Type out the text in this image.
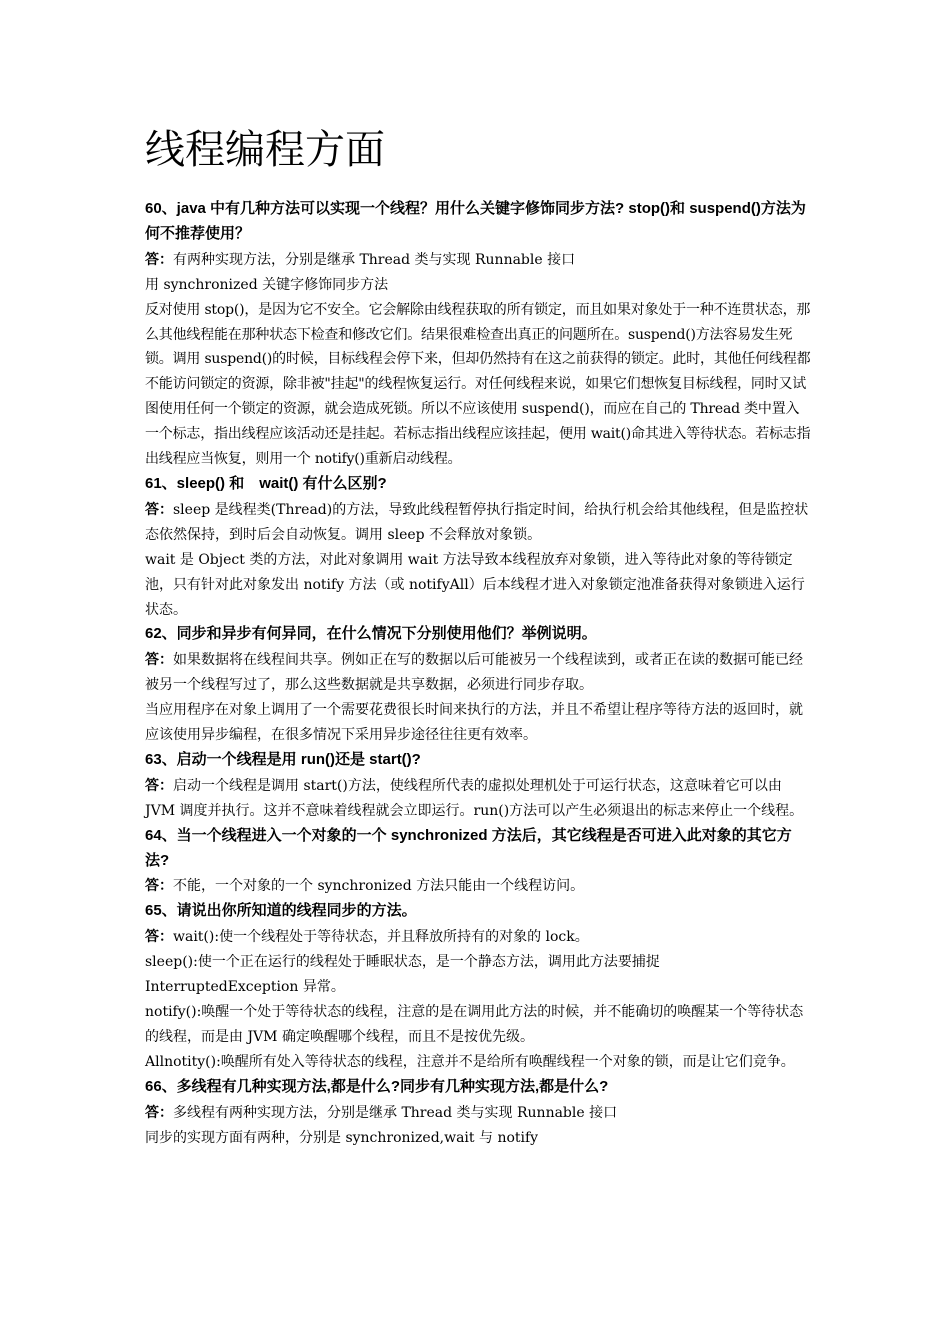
线程编程方面
60、java 中有几种方法可以实现一个线程？用什么关键字修饰同步方法? stop()和 suspend()方法为何不推荐使用？
答：有两种实现方法，分别是继承 Thread 类与实现 Runnable 接口
用 synchronized 关键字修饰同步方法
反对使用 stop()，是因为它不安全。它会解除由线程获取的所有锁定，而且如果对象处于一种不连贯状态，那么其他线程能在那种状态下检查和修改它们。结果很难检查出真正的问题所在。suspend()方法容易发生死锁。调用 suspend()的时候，目标线程会停下来，但却仍然持有在这之前获得的锁定。此时，其他任何线程都不能访问锁定的资源，除非被"挂起"的线程恢复运行。对任何线程来说，如果它们想恢复目标线程，同时又试图使用任何一个锁定的资源，就会造成死锁。所以不应该使用 suspend()，而应在自己的 Thread 类中置入一个标志，指出线程应该活动还是挂起。若标志指出线程应该挂起，便用 wait()命其进入等待状态。若标志指出线程应当恢复，则用一个 notify()重新启动线程。
61、sleep() 和　wait() 有什么区别?
答：sleep 是线程类(Thread)的方法，导致此线程暂停执行指定时间，给执行机会给其他线程，但是监控状态依然保持，到时后会自动恢复。调用 sleep 不会释放对象锁。
wait 是 Object 类的方法，对此对象调用 wait 方法导致本线程放弃对象锁，进入等待此对象的等待锁定池，只有针对此对象发出 notify 方法（或 notifyAll）后本线程才进入对象锁定池准备获得对象锁进入运行状态。
62、同步和异步有何异同，在什么情况下分别使用他们？举例说明。
答：如果数据将在线程间共享。例如正在写的数据以后可能被另一个线程读到，或者正在读的数据可能已经被另一个线程写过了，那么这些数据就是共享数据，必须进行同步存取。
当应用程序在对象上调用了一个需要花费很长时间来执行的方法，并且不希望让程序等待方法的返回时，就应该使用异步编程，在很多情况下采用异步途径往往更有效率。
63、启动一个线程是用 run()还是 start()?
答：启动一个线程是调用 start()方法，使线程所代表的虚拟处理机处于可运行状态，这意味着它可以由 JVM 调度并执行。这并不意味着线程就会立即运行。run()方法可以产生必须退出的标志来停止一个线程。
64、当一个线程进入一个对象的一个 synchronized 方法后，其它线程是否可进入此对象的其它方法?
答：不能，一个对象的一个 synchronized 方法只能由一个线程访问。
65、请说出你所知道的线程同步的方法。
答：wait():使一个线程处于等待状态，并且释放所持有的对象的 lock。
sleep():使一个正在运行的线程处于睡眠状态，是一个静态方法，调用此方法要捕捉 InterruptedException 异常。
notify():唤醒一个处于等待状态的线程，注意的是在调用此方法的时候，并不能确切的唤醒某一个等待状态的线程，而是由 JVM 确定唤醒哪个线程，而且不是按优先级。
Allnotity():唤醒所有处入等待状态的线程，注意并不是给所有唤醒线程一个对象的锁，而是让它们竞争。
66、多线程有几种实现方法,都是什么?同步有几种实现方法,都是什么?
答：多线程有两种实现方法，分别是继承 Thread 类与实现 Runnable 接口
同步的实现方面有两种，分别是 synchronized,wait 与 notify
